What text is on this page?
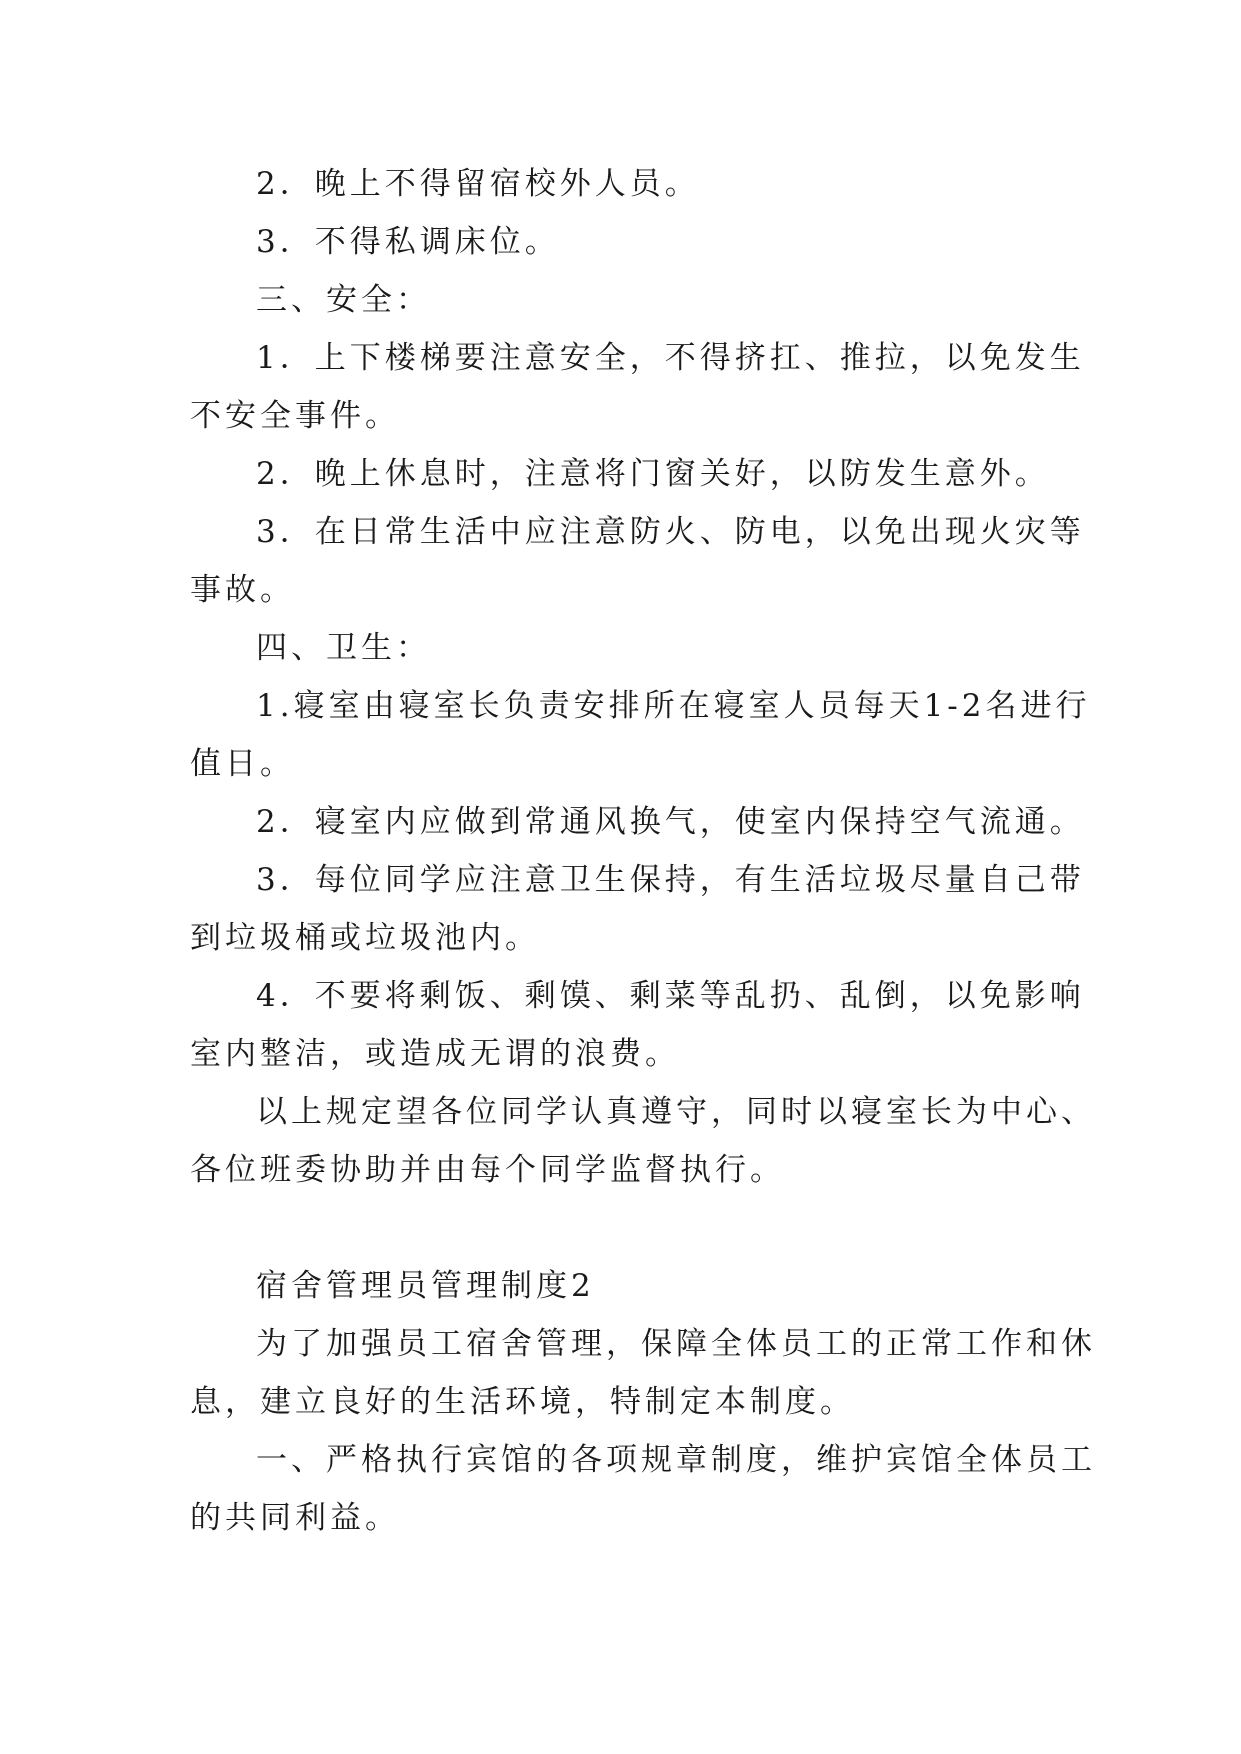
2．晚上不得留宿校外人员。
3．不得私调床位。
三、安全：
1．上下楼梯要注意安全，不得挤扛、推拉，以免发生
不安全事件。
2．晚上休息时，注意将门窗关好，以防发生意外。
3．在日常生活中应注意防火、防电，以免出现火灾等
事故。
四、卫生：
1.寝室由寝室长负责安排所在寝室人员每天1-2名进行
值日。
2．寝室内应做到常通风换气，使室内保持空气流通。
3．每位同学应注意卫生保持，有生活垃圾尽量自己带
到垃圾桶或垃圾池内。
4．不要将剩饭、剩馍、剩菜等乱扔、乱倒，以免影响
室内整洁，或造成无谓的浪费。
以上规定望各位同学认真遵守，同时以寝室长为中心、
各位班委协助并由每个同学监督执行。
宿舍管理员管理制度2
为了加强员工宿舍管理，保障全体员工的正常工作和休
息，建立良好的生活环境，特制定本制度。
一、严格执行宾馆的各项规章制度，维护宾馆全体员工
的共同利益。
